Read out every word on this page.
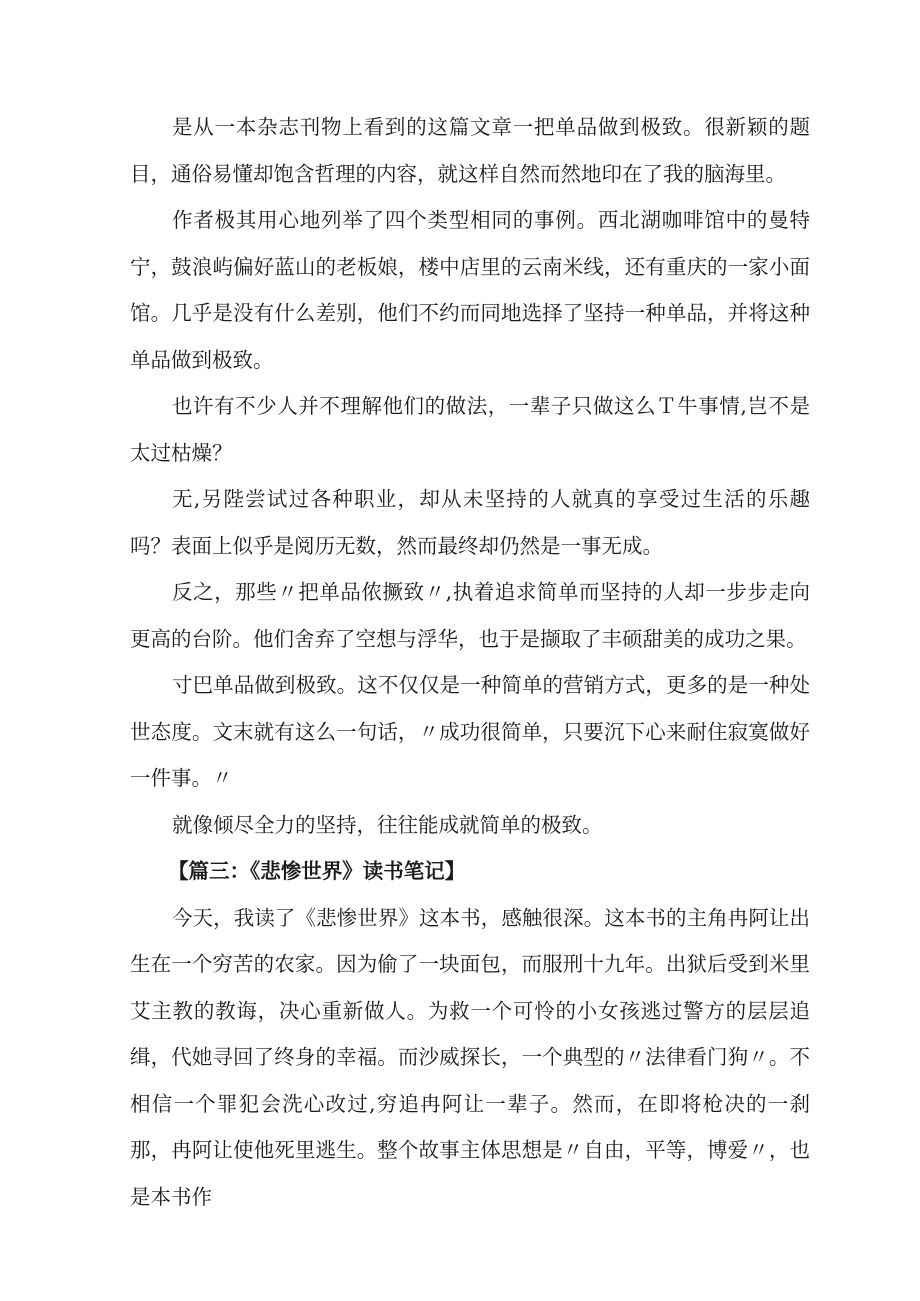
是从一本杂志刊物上看到的这篇文章一把单品做到极致。很新颖的题目，通俗易懂却饱含哲理的内容，就这样自然而然地印在了我的脑海里。

作者极其用心地列举了四个类型相同的事例。西北湖咖啡馆中的曼特宁，鼓浪屿偏好蓝山的老板娘，楼中店里的云南米线，还有重庆的一家小面馆。几乎是没有什么差别，他们不约而同地选择了坚持一种单品，并将这种单品做到极致。

也许有不少人并不理解他们的做法，一辈子只做这么Ｔ牛事情,岂不是太过枯燥？

无,另陛尝试过各种职业，却从未坚持的人就真的享受过生活的乐趣吗？表面上似乎是阅历无数，然而最终却仍然是一事无成。

反之，那些〃把单品侬撅致〃,执着追求简单而坚持的人却一步步走向更高的台阶。他们舍弃了空想与浮华，也于是撷取了丰硕甜美的成功之果。

寸巴单品做到极致。这不仅仅是一种简单的营销方式，更多的是一种处世态度。文末就有这么一句话，〃成功很简单，只要沉下心来耐住寂寞做好一件事。〃

就像倾尽全力的坚持，往往能成就简单的极致。

【篇三：《悲惨世界》读书笔记】

今天，我读了《悲惨世界》这本书，感触很深。这本书的主角冉阿让出生在一个穷苦的农家。因为偷了一块面包，而服刑十九年。出狱后受到米里艾主教的教诲，决心重新做人。为救一个可怜的小女孩逃过警方的层层追缉，代她寻回了终身的幸福。而沙威探长，一个典型的〃法律看门狗〃。不相信一个罪犯会洗心改过,穷追冉阿让一辈子。然而，在即将枪决的一刹那，冉阿让使他死里逃生。整个故事主体思想是〃自由，平等，博爱〃，也是本书作
